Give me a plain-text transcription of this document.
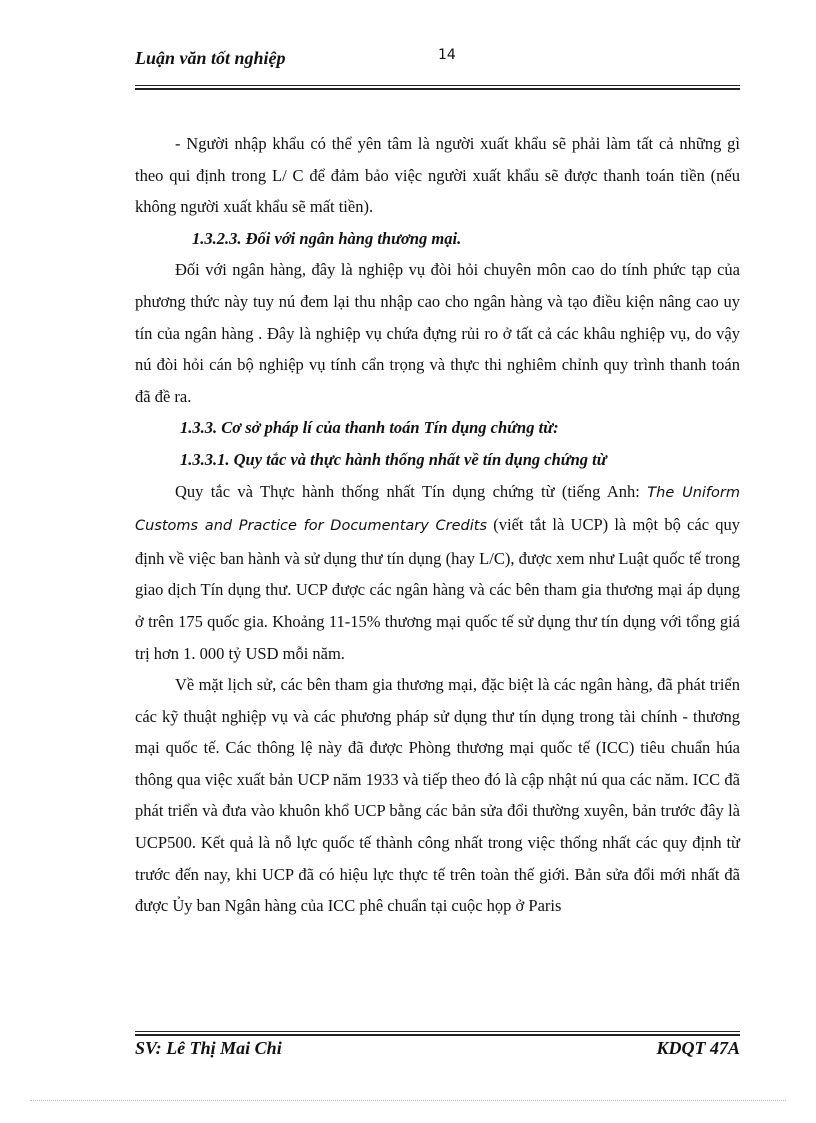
Luận văn tốt nghiệp	14

- Người nhập khẩu có thể yên tâm là người xuất khẩu sẽ phải làm tất cả những gì theo qui định trong L/ C để đảm bảo việc người xuất khẩu sẽ được thanh toán tiền (nếu không người xuất khẩu sẽ mất tiền).

1.3.2.3. Đối với ngân hàng thương mại.

Đối với ngân hàng, đây là nghiệp vụ đòi hỏi chuyên môn cao do tính phức tạp của phương thức này tuy nú đem lại thu nhập cao cho ngân hàng và tạo điều kiện nâng cao uy tín của ngân hàng . Đây là nghiệp vụ chứa đựng rủi ro ở tất cả các khâu nghiệp vụ, do vậy nú đòi hỏi cán bộ nghiệp vụ tính cẩn trọng và thực thi nghiêm chỉnh quy trình thanh toán đã đề ra.

1.3.3. Cơ sở pháp lí của thanh toán Tín dụng chứng từ:

1.3.3.1. Quy tắc và thực hành thống nhất về tín dụng chứng từ

Quy tắc và Thực hành thống nhất Tín dụng chứng từ (tiếng Anh: The Uniform Customs and Practice for Documentary Credits (viết tắt là UCP) là một bộ các quy định về việc ban hành và sử dụng thư tín dụng (hay L/C), được xem như Luật quốc tế trong giao dịch Tín dụng thư. UCP được các ngân hàng và các bên tham gia thương mại áp dụng ở trên 175 quốc gia. Khoảng 11-15% thương mại quốc tế sử dụng thư tín dụng với tổng giá trị hơn 1. 000 tỷ USD mỗi năm.

Về mặt lịch sử, các bên tham gia thương mại, đặc biệt là các ngân hàng, đã phát triển các kỹ thuật nghiệp vụ và các phương pháp sử dụng thư tín dụng trong tài chính - thương mại quốc tế. Các thông lệ này đã được Phòng thương mại quốc tế (ICC) tiêu chuẩn húa thông qua việc xuất bản UCP năm 1933 và tiếp theo đó là cập nhật nú qua các năm. ICC đã phát triển và đưa vào khuôn khổ UCP bằng các bản sửa đổi thường xuyên, bản trước đây là UCP500. Kết quả là nỗ lực quốc tế thành công nhất trong việc thống nhất các quy định từ trước đến nay, khi UCP đã có hiệu lực thực tế trên toàn thế giới. Bản sửa đổi mới nhất đã được Ủy ban Ngân hàng của ICC phê chuẩn tại cuộc họp ở Paris

SV: Lê Thị Mai Chi	KDQT 47A
